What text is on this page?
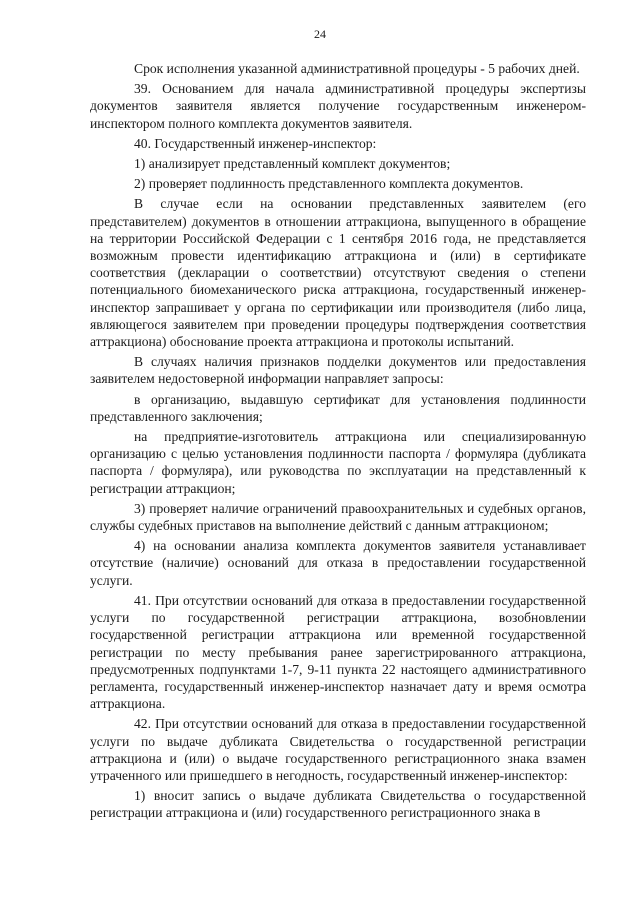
24

Срок исполнения указанной административной процедуры - 5 рабочих дней.

39. Основанием для начала административной процедуры экспертизы документов заявителя является получение государственным инженером-инспектором полного комплекта документов заявителя.

40. Государственный инженер-инспектор:

1) анализирует представленный комплект документов;

2) проверяет подлинность представленного комплекта документов.

В случае если на основании представленных заявителем (его представителем) документов в отношении аттракциона, выпущенного в обращение на территории Российской Федерации с 1 сентября 2016 года, не представляется возможным провести идентификацию аттракциона и (или) в сертификате соответствия (декларации о соответствии) отсутствуют сведения о степени потенциального биомеханического риска аттракциона, государственный инженер-инспектор запрашивает у органа по сертификации или производителя (либо лица, являющегося заявителем при проведении процедуры подтверждения соответствия аттракциона) обоснование проекта аттракциона и протоколы испытаний.

В случаях наличия признаков подделки документов или предоставления заявителем недостоверной информации направляет запросы:

в организацию, выдавшую сертификат для установления подлинности представленного заключения;

на предприятие-изготовитель аттракциона или специализированную организацию с целью установления подлинности паспорта / формуляра (дубликата паспорта / формуляра), или руководства по эксплуатации на представленный к регистрации аттракцион;

3) проверяет наличие ограничений правоохранительных и судебных органов, службы судебных приставов на выполнение действий с данным аттракционом;

4) на основании анализа комплекта документов заявителя устанавливает отсутствие (наличие) оснований для отказа в предоставлении государственной услуги.

41. При отсутствии оснований для отказа в предоставлении государственной услуги по государственной регистрации аттракциона, возобновлении государственной регистрации аттракциона или временной государственной регистрации по месту пребывания ранее зарегистрированного аттракциона, предусмотренных подпунктами 1-7, 9-11 пункта 22 настоящего административного регламента, государственный инженер-инспектор назначает дату и время осмотра аттракциона.

42. При отсутствии оснований для отказа в предоставлении государственной услуги по выдаче дубликата Свидетельства о государственной регистрации аттракциона и (или) о выдаче государственного регистрационного знака взамен утраченного или пришедшего в негодность, государственный инженер-инспектор:

1) вносит запись о выдаче дубликата Свидетельства о государственной регистрации аттракциона и (или) государственного регистрационного знака в
